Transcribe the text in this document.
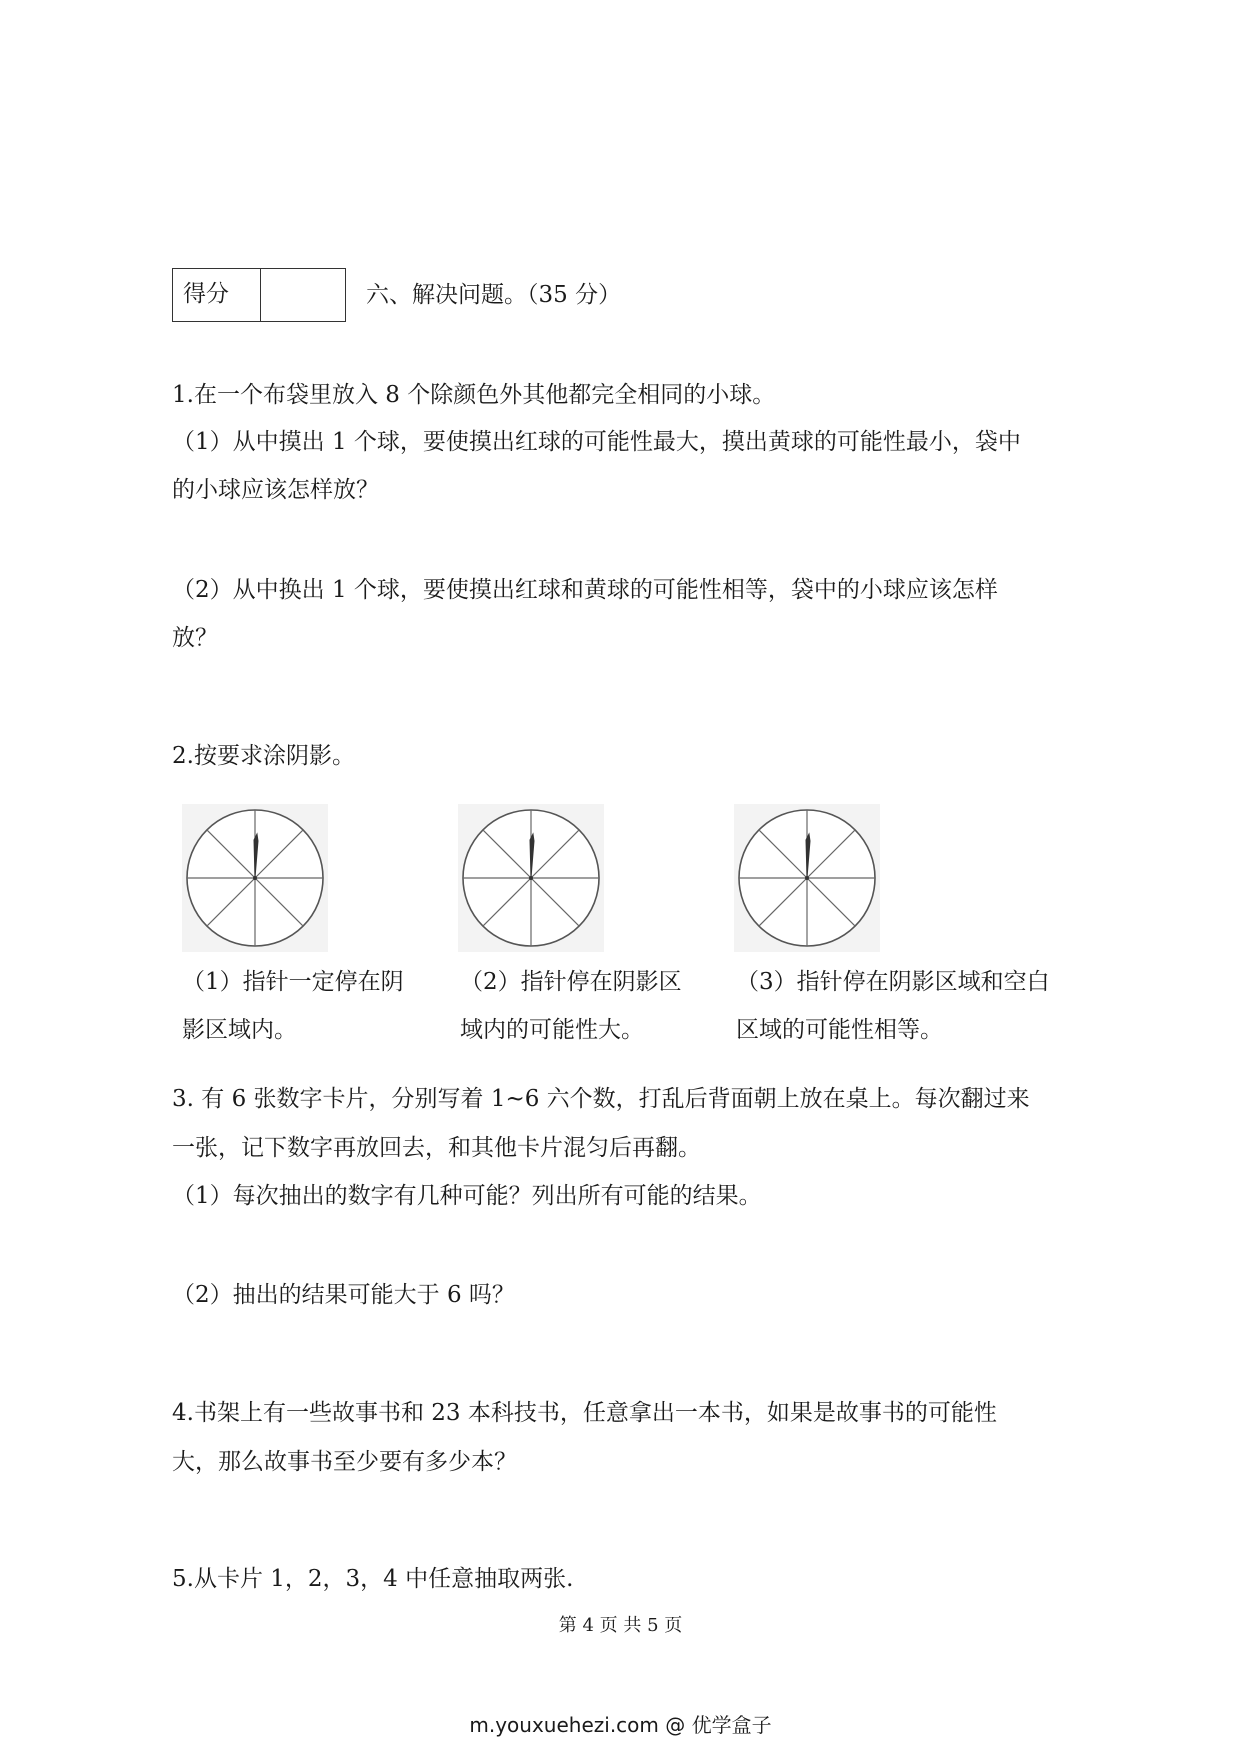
得分	六、解决问题。（35 分）
1.在一个布袋里放入 8 个除颜色外其他都完全相同的小球。
（1）从中摸出 1 个球，要使摸出红球的可能性最大，摸出黄球的可能性最小，袋中
的小球应该怎样放？
（2）从中换出 1 个球，要使摸出红球和黄球的可能性相等，袋中的小球应该怎样
放？
2.按要求涂阴影。
（1）指针一定停在阴
影区域内。
（2）指针停在阴影区
域内的可能性大。
（3）指针停在阴影区域和空白
区域的可能性相等。
3. 有 6 张数字卡片，分别写着 1~6 六个数，打乱后背面朝上放在桌上。每次翻过来
一张，记下数字再放回去，和其他卡片混匀后再翻。
（1）每次抽出的数字有几种可能？列出所有可能的结果。
（2）抽出的结果可能大于 6 吗？
4.书架上有一些故事书和 23 本科技书，任意拿出一本书，如果是故事书的可能性
大，那么故事书至少要有多少本？
5.从卡片 1，2，3，4 中任意抽取两张.
第 4 页 共 5 页
m.youxuehezi.com @ 优学盒子
